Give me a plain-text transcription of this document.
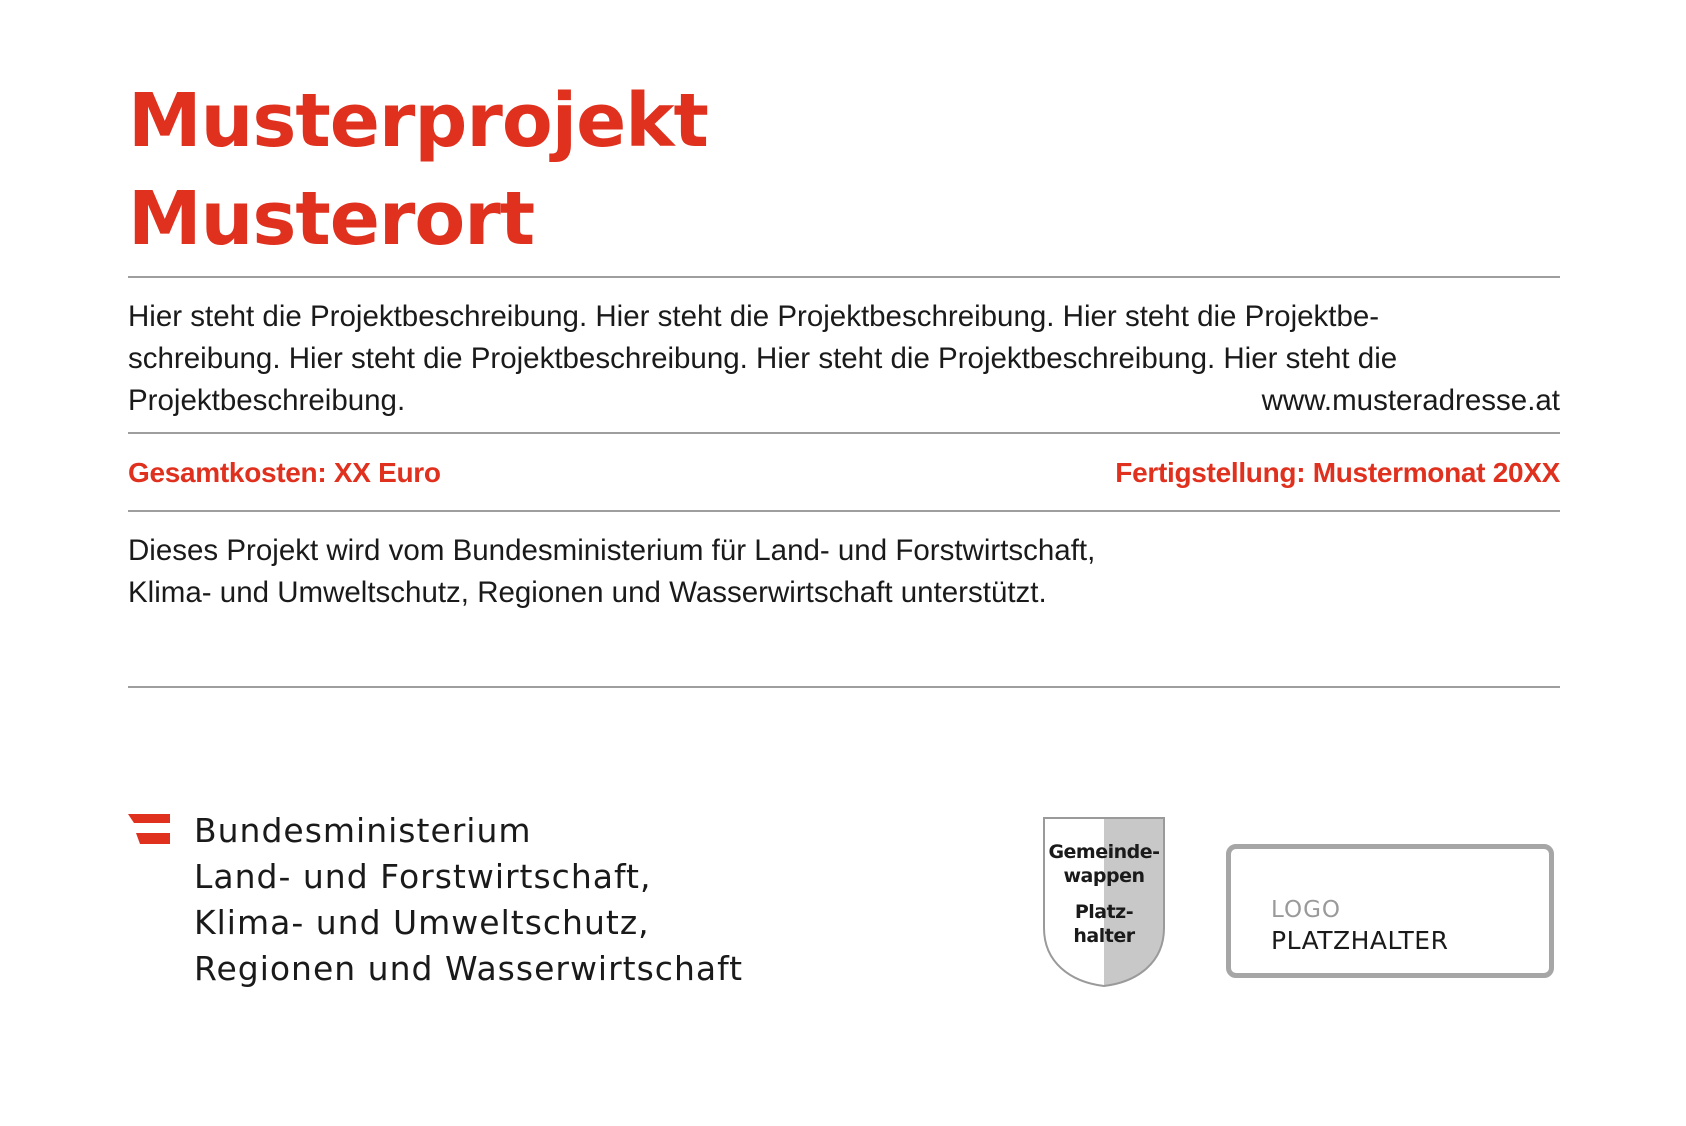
Musterprojekt
Musterort

Hier steht die Projektbeschreibung. Hier steht die Projektbeschreibung. Hier steht die Projektbe-
schreibung. Hier steht die Projektbeschreibung. Hier steht die Projektbeschreibung. Hier steht die
Projektbeschreibung.	www.musteradresse.at
Gesamtkosten: XX Euro	Fertigstellung: Mustermonat 20XX

Dieses Projekt wird vom Bundesministerium für Land- und Forstwirtschaft,
Klima- und Umweltschutz, Regionen und Wasserwirtschaft unterstützt.

Bundesministerium
Land- und Forstwirtschaft,
Klima- und Umweltschutz,
Regionen und Wasserwirtschaft

Gemeinde-
wappen
Platz-
halter
LOGO
PLATZHALTER
